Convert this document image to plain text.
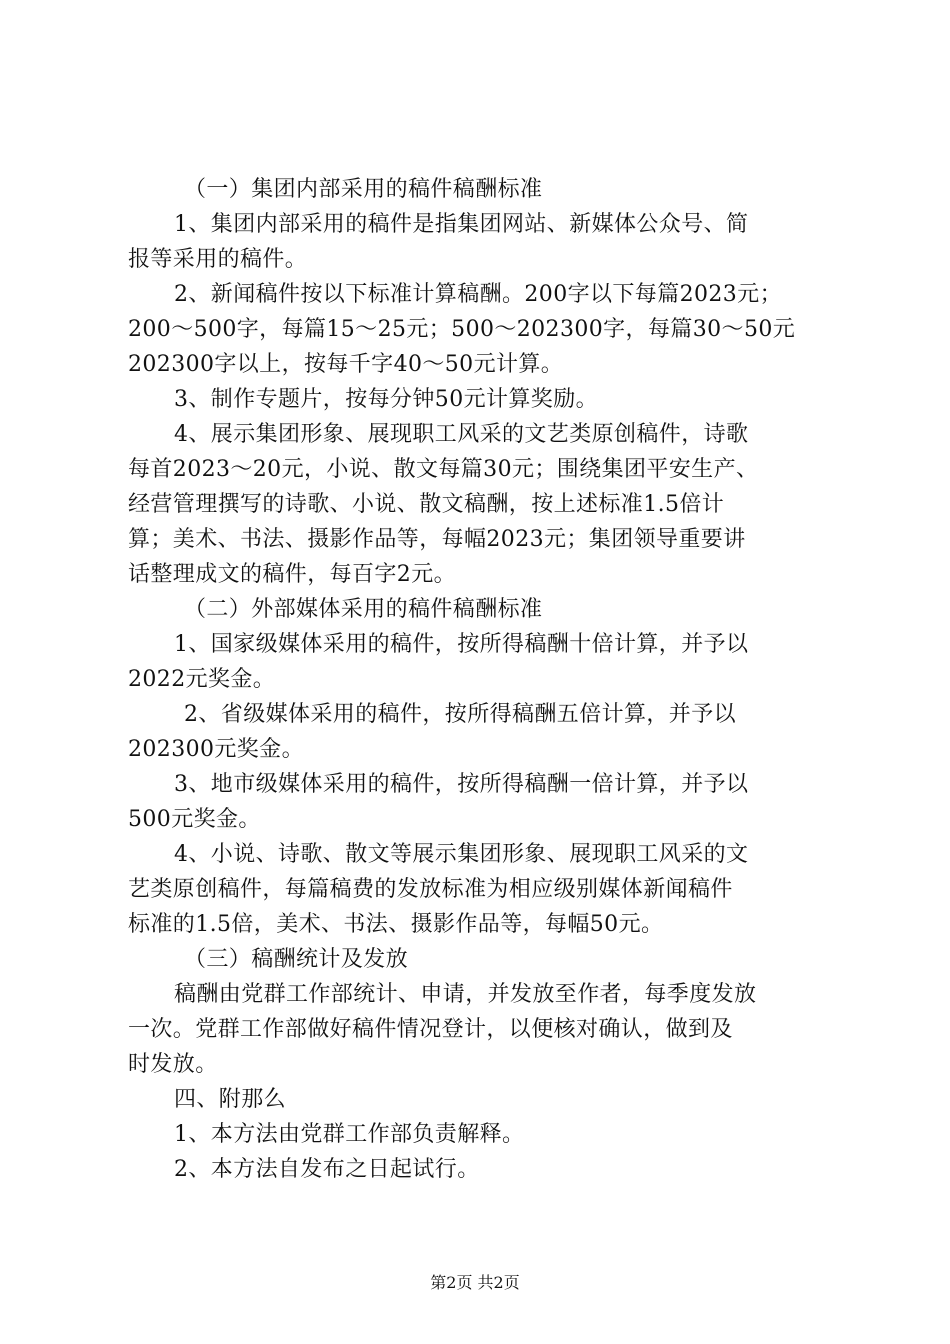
（一）集团内部采用的稿件稿酬标准
1、集团内部采用的稿件是指集团网站、新媒体公众号、简
报等采用的稿件。
2、新闻稿件按以下标准计算稿酬。200字以下每篇2023元；
200～500字，每篇15～25元；500～202300字，每篇30～50元
202300字以上，按每千字40～50元计算。
3、制作专题片，按每分钟50元计算奖励。
4、展示集团形象、展现职工风采的文艺类原创稿件，诗歌
每首2023～20元，小说、散文每篇30元；围绕集团平安生产、
经营管理撰写的诗歌、小说、散文稿酬，按上述标准1.5倍计
算；美术、书法、摄影作品等，每幅2023元；集团领导重要讲
话整理成文的稿件，每百字2元。
（二）外部媒体采用的稿件稿酬标准
1、国家级媒体采用的稿件，按所得稿酬十倍计算，并予以
2022元奖金。
2、省级媒体采用的稿件，按所得稿酬五倍计算，并予以
202300元奖金。
3、地市级媒体采用的稿件，按所得稿酬一倍计算，并予以
500元奖金。
4、小说、诗歌、散文等展示集团形象、展现职工风采的文
艺类原创稿件，每篇稿费的发放标准为相应级别媒体新闻稿件
标准的1.5倍，美术、书法、摄影作品等，每幅50元。
（三）稿酬统计及发放
稿酬由党群工作部统计、申请，并发放至作者，每季度发放
一次。党群工作部做好稿件情况登计，以便核对确认，做到及
时发放。
四、附那么
1、本方法由党群工作部负责解释。
2、本方法自发布之日起试行。
第2页 共2页
